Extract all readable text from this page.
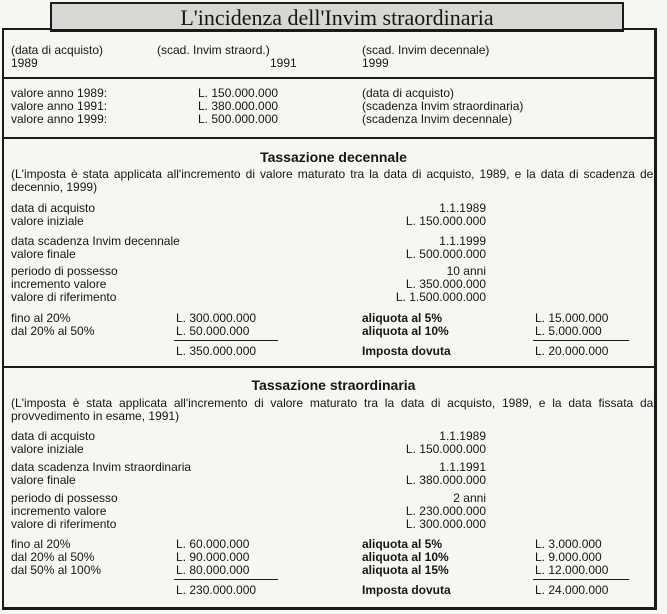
L'incidenza dell'Invim straordinaria
(data di acquisto)
1989
(scad. Invim straord.)
1991
(scad. Invim decennale)
1999
valore anno 1989:	L. 150.000.000	(data di acquisto)
valore anno 1991:	L. 380.000.000	(scadenza Invim straordinaria)
valore anno 1999:	L. 500.000.000	(scadenza Invim decennale)
Tassazione decennale
(L'imposta è stata applicata all'incremento di valore maturato tra la data di acquisto, 1989, e la data di scadenza del decennio, 1999)
data di acquisto	1.1.1989
valore iniziale	L. 150.000.000
data scadenza Invim decennale	1.1.1999
valore finale	L. 500.000.000
periodo di possesso	10 anni
incremento valore	L. 350.000.000
valore di riferimento	L. 1.500.000.000
fino al 20%	L. 300.000.000	aliquota al 5%	L. 15.000.000
dal 20% al 50%	L. 50.000.000	aliquota al 10%	L. 5.000.000
L. 350.000.000	Imposta dovuta	L. 20.000.000
Tassazione straordinaria
(L'imposta è stata applicata all'incremento di valore maturato tra la data di acquisto, 1989, e la data fissata dal provvedimento in esame, 1991)
data di acquisto	1.1.1989
valore iniziale	L. 150.000.000
data scadenza Invim straordinaria	1.1.1991
valore finale	L. 380.000.000
periodo di possesso	2 anni
incremento valore	L. 230.000.000
valore di riferimento	L. 300.000.000
fino al 20%	L. 60.000.000	aliquota al 5%	L. 3.000.000
dal 20% al 50%	L. 90.000.000	aliquota al 10%	L. 9.000.000
dal 50% al 100%	L. 80.000.000	aliquota al 15%	L. 12.000.000
L. 230.000.000	Imposta dovuta	L. 24.000.000
